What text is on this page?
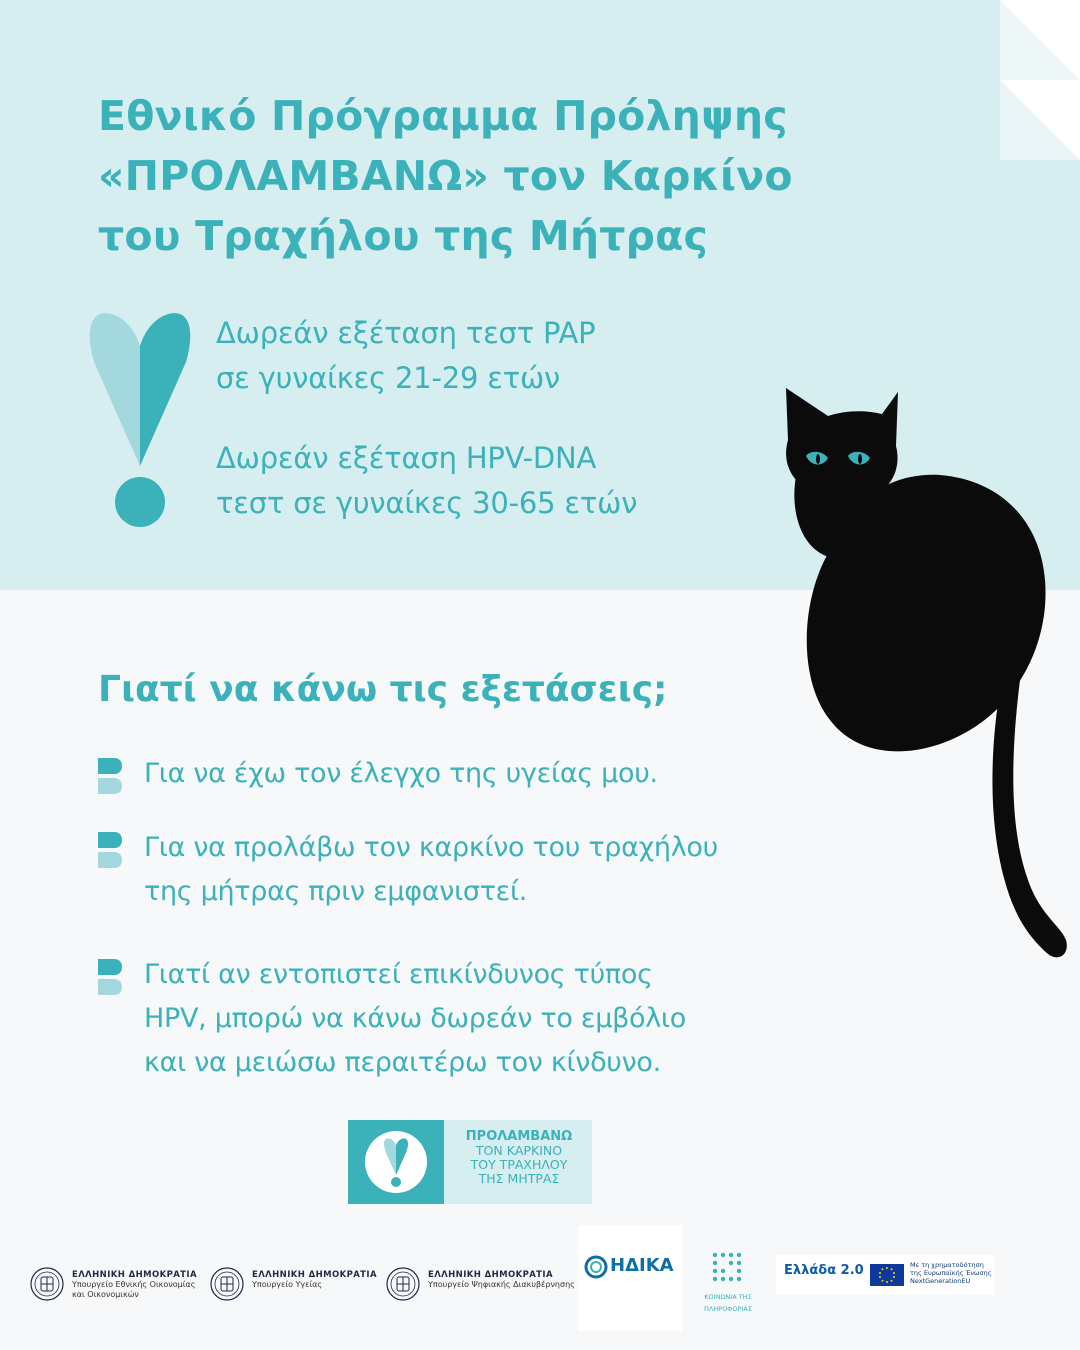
Εθνικό Πρόγραμμα Πρόληψης
«ΠΡΟΛΑΜΒΑΝΩ» τον Καρκίνο
του Τραχήλου της Μήτρας
Δωρεάν εξέταση τεστ PAP
σε γυναίκες 21-29 ετών
Δωρεάν εξέταση HPV-DNA
τεστ σε γυναίκες 30-65 ετών
Γιατί να κάνω τις εξετάσεις;
Για να έχω τον έλεγχο της υγείας μου.
Για να προλάβω τον καρκίνο του τραχήλου
της μήτρας πριν εμφανιστεί.
Γιατί αν εντοπιστεί επικίνδυνος τύπος
HPV, μπορώ να κάνω δωρεάν το εμβόλιο
και να μειώσω περαιτέρω τον κίνδυνο.
ΠΡΟΛΑΜΒΑΝΩ
ΤΟΝ ΚΑΡΚΙΝΟ
ΤΟΥ ΤΡΑΧΗΛΟΥ
ΤΗΣ ΜΗΤΡΑΣ
ΕΛΛΗΝΙΚΗ ΔΗΜΟΚΡΑΤΙΑ
Υπουργείο Εθνικής Οικονομίας
και Οικονομικών
ΕΛΛΗΝΙΚΗ ΔΗΜΟΚΡΑΤΙΑ
Υπουργείο Υγείας
ΕΛΛΗΝΙΚΗ ΔΗΜΟΚΡΑΤΙΑ
Υπουργείο Ψηφιακής Διακυβέρνησης
ΗΔΙΚΑ
ΚΟΙΝΩΝΙΑ ΤΗΣ
ΠΛΗΡΟΦΟΡΙΑΣ
Ελλάδα 2.0	Με τη χρηματοδότηση
της Ευρωπαϊκής Ένωσης
NextGenerationEU
